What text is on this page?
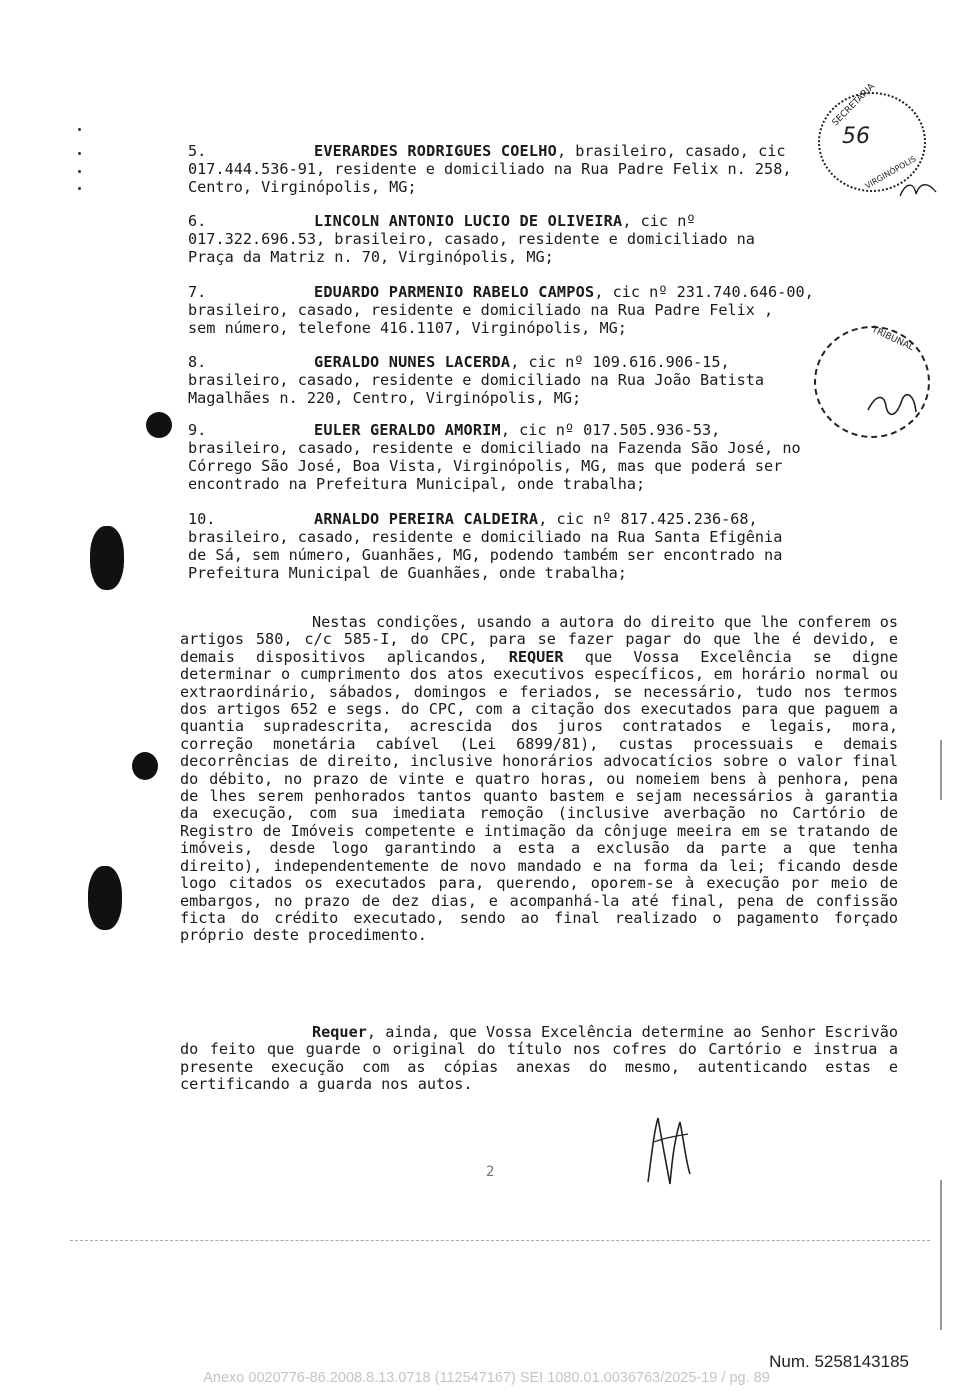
5.	EVERARDES RODRIGUES COELHO, brasileiro, casado, cic
017.444.536-91, residente e domiciliado na Rua Padre Felix n. 258,
Centro, Virginópolis, MG;
6.	LINCOLN ANTONIO LUCIO DE OLIVEIRA, cic nº
017.322.696.53, brasileiro, casado, residente e domiciliado na
Praça da Matriz n. 70, Virginópolis, MG;
7.	EDUARDO PARMENIO RABELO CAMPOS, cic nº 231.740.646-00,
brasileiro, casado, residente e domiciliado na Rua Padre Felix ,
sem número, telefone 416.1107, Virginópolis, MG;
8.	GERALDO NUNES LACERDA, cic nº 109.616.906-15,
brasileiro, casado, residente e domiciliado na Rua João Batista
Magalhães n. 220, Centro, Virginópolis, MG;
9.	EULER GERALDO AMORIM, cic nº 017.505.936-53,
brasileiro, casado, residente e domiciliado na Fazenda São José, no
Córrego São José, Boa Vista, Virginópolis, MG, mas que poderá ser
encontrado na Prefeitura Municipal, onde trabalha;
10.	ARNALDO PEREIRA CALDEIRA, cic nº 817.425.236-68,
brasileiro, casado, residente e domiciliado na Rua Santa Efigênia
de Sá, sem número, Guanhães, MG, podendo também ser encontrado na
Prefeitura Municipal de Guanhães, onde trabalha;
Nestas condições, usando a autora do direito que lhe conferem os artigos 580, c/c 585-I, do CPC, para se fazer pagar do que lhe é devido, e demais dispositivos aplicandos, REQUER que Vossa Excelência se digne determinar o cumprimento dos atos executivos específicos, em horário normal ou extraordinário, sábados, domingos e feriados, se necessário, tudo nos termos dos artigos 652 e segs. do CPC, com a citação dos executados para que paguem a quantia supradescrita, acrescida dos juros contratados e legais, mora, correção monetária cabível (Lei 6899/81), custas processuais e demais decorrências de direito, inclusive honorários advocatícios sobre o valor final do débito, no prazo de vinte e quatro horas, ou nomeiem bens à penhora, pena de lhes serem penhorados tantos quanto bastem e sejam necessários à garantia da execução, com sua imediata remoção (inclusive averbação no Cartório de Registro de Imóveis competente e intimação da cônjuge meeira em se tratando de imóveis, desde logo garantindo a esta a exclusão da parte a que tenha direito), independentemente de novo mandado e na forma da lei; ficando desde logo citados os executados para, querendo, oporem-se à execução por meio de embargos, no prazo de dez dias, e acompanhá-la até final, pena de confissão ficta do crédito executado, sendo ao final realizado o pagamento forçado próprio deste procedimento.
Requer, ainda, que Vossa Excelência determine ao Senhor Escrivão do feito que guarde o original do título nos cofres do Cartório e instrua a presente execução com as cópias anexas do mesmo, autenticando estas e certificando a guarda nos autos.
2
SECRETARIA
56
VIRGINÓPOLIS
TRIBUNAL
Num. 5258143185
Anexo 0020776-86.2008.8.13.0718 (112547167) SEI 1080.01.0036763/2025-19 / pg. 89
